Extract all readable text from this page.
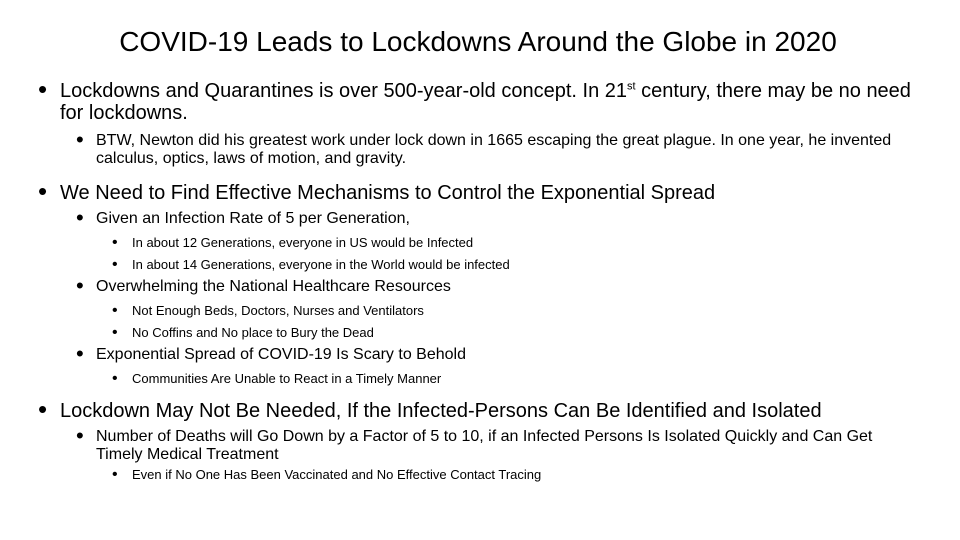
COVID-19 Leads to Lockdowns Around the Globe in 2020
• Lockdowns and Quarantines is over 500-year-old concept. In 21st century, there may be no need for lockdowns.
• BTW, Newton did his greatest work under lock down in 1665 escaping the great plague. In one year, he invented calculus, optics, laws of motion, and gravity.
• We Need to Find Effective Mechanisms to Control the Exponential Spread
• Given an Infection Rate of 5 per Generation,
•	In about 12 Generations, everyone in US would be Infected
•	In about 14 Generations, everyone in the World would be infected
• Overwhelming the National Healthcare Resources
•	Not Enough Beds, Doctors, Nurses and Ventilators
•	No Coffins and No place to Bury the Dead
• Exponential Spread of COVID-19 Is Scary to Behold
•	Communities Are Unable to React in a Timely Manner
• Lockdown May Not Be Needed, If the Infected-Persons Can Be Identified and Isolated
• Number of Deaths will Go Down by a Factor of 5 to 10, if an Infected Persons Is Isolated Quickly and Can Get Timely Medical Treatment
•	Even if No One Has Been Vaccinated and No Effective Contact Tracing
